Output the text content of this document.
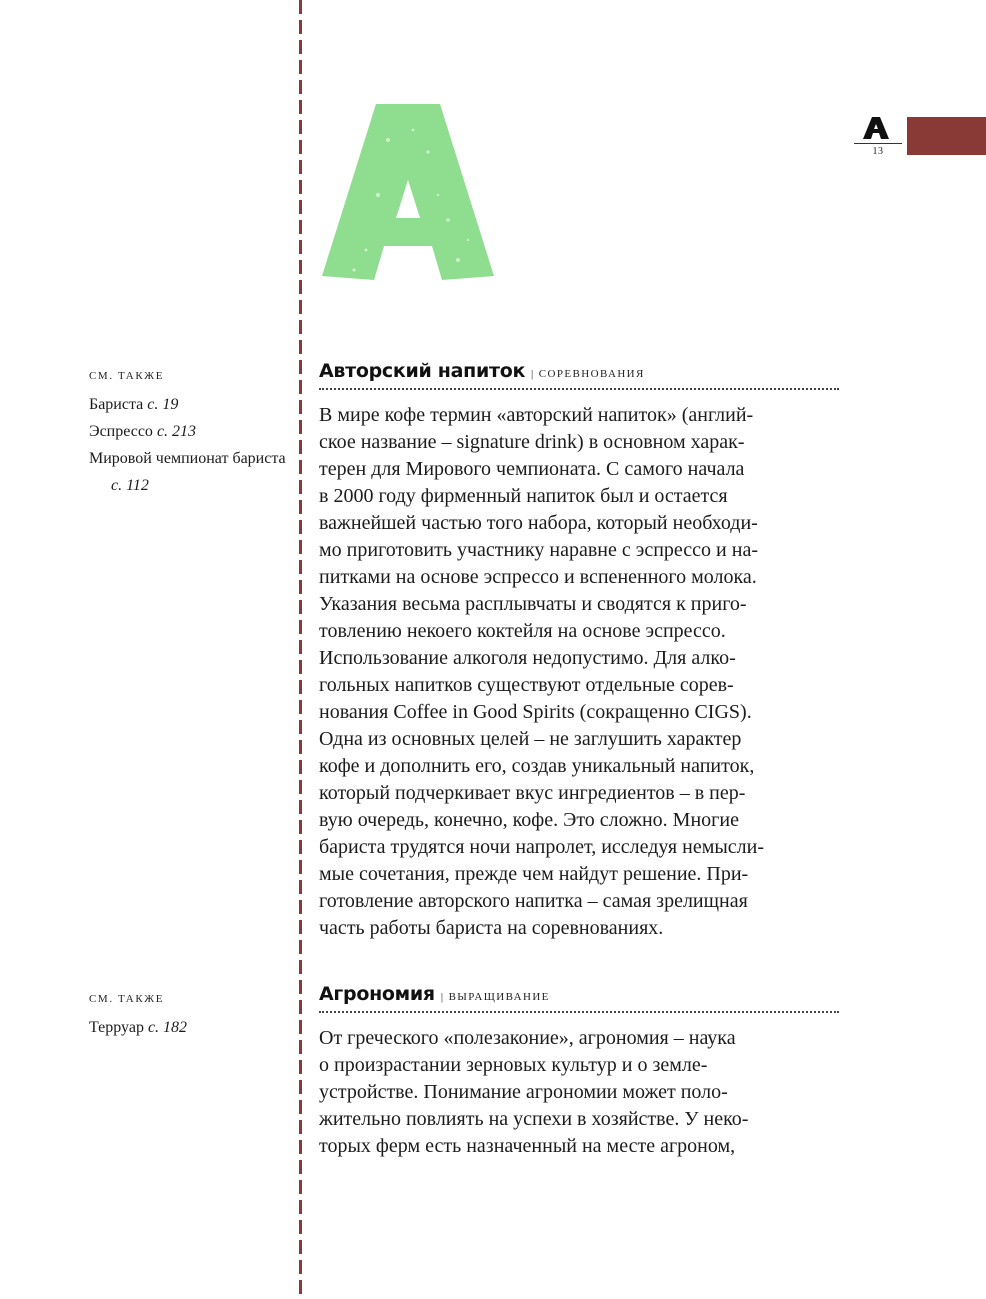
13
СМ. ТАКЖЕ
Бариста с. 19
Эспрессо с. 213
Мировой чемпионат бариста с. 112
Авторский напиток | СОРЕВНОВАНИЯ
В мире кофе термин «авторский напиток» (англий-
ское название – signature drink) в основном харак-
терен для Мирового чемпионата. С самого начала
в 2000 году фирменный напиток был и остается
важнейшей частью того набора, который необходи-
мо приготовить участнику наравне с эспрессо и на-
питками на основе эспрессо и вспененного молока.
Указания весьма расплывчаты и сводятся к приго-
товлению некоего коктейля на основе эспрессо.
Использование алкоголя недопустимо. Для алко-
гольных напитков существуют отдельные сорев-
нования Coffee in Good Spirits (сокращенно CIGS).
Одна из основных целей – не заглушить характер
кофе и дополнить его, создав уникальный напиток,
который подчеркивает вкус ингредиентов – в пер-
вую очередь, конечно, кофе. Это сложно. Многие
бариста трудятся ночи напролет, исследуя немысли-
мые сочетания, прежде чем найдут решение. При-
готовление авторского напитка – самая зрелищная
часть работы бариста на соревнованиях.
СМ. ТАКЖЕ
Терруар с. 182
Агрономия | ВЫРАЩИВАНИЕ
От греческого «полезаконие», агрономия – наука
о произрастании зерновых культур и о земле-
устройстве. Понимание агрономии может поло-
жительно повлиять на успехи в хозяйстве. У неко-
торых ферм есть назначенный на месте агроном,
